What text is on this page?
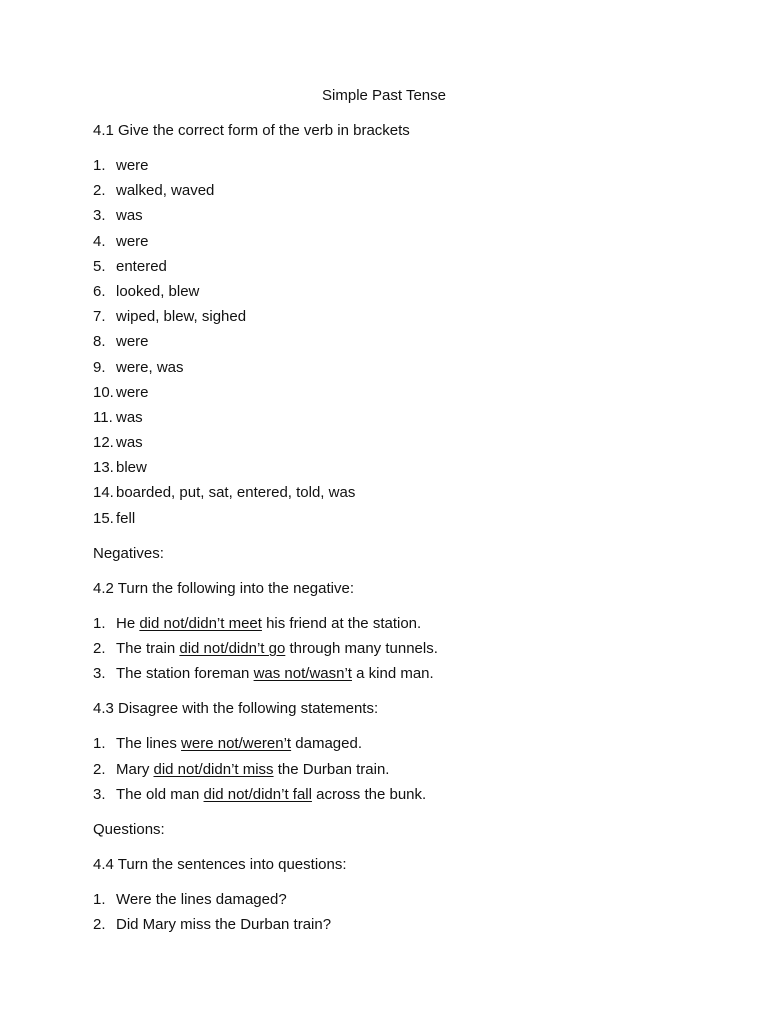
Simple Past Tense
4.1 Give the correct form of the verb in brackets
1. were
2. walked, waved
3. was
4. were
5. entered
6. looked, blew
7. wiped, blew, sighed
8. were
9. were, was
10. were
11. was
12. was
13. blew
14. boarded, put, sat, entered, told, was
15. fell
Negatives:
4.2 Turn the following into the negative:
1. He did not/didn’t meet his friend at the station.
2. The train did not/didn’t go through many tunnels.
3. The station foreman was not/wasn’t a kind man.
4.3 Disagree with the following statements:
1. The lines were not/weren’t damaged.
2. Mary did not/didn’t miss the Durban train.
3. The old man did not/didn’t fall across the bunk.
Questions:
4.4 Turn the sentences into questions:
1. Were the lines damaged?
2. Did Mary miss the Durban train?
